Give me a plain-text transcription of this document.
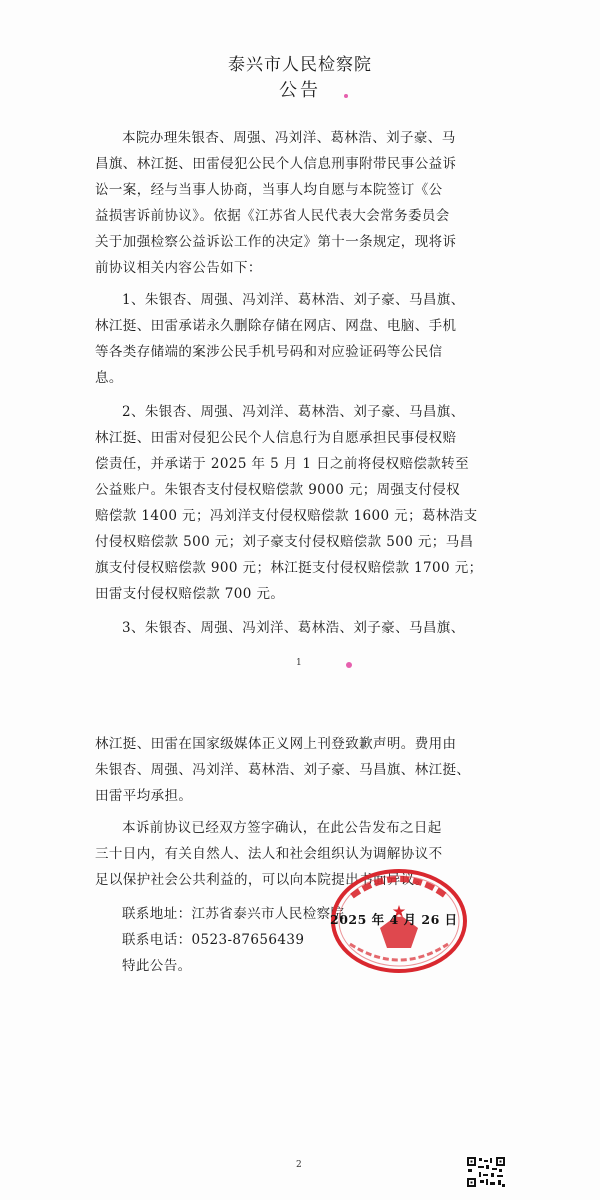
泰兴市人民检察院
公告
本院办理朱银杏、周强、冯刘洋、葛林浩、刘子豪、马
昌旗、林江挺、田雷侵犯公民个人信息刑事附带民事公益诉
讼一案，经与当事人协商，当事人均自愿与本院签订《公
益损害诉前协议》。依据《江苏省人民代表大会常务委员会
关于加强检察公益诉讼工作的决定》第十一条规定，现将诉
前协议相关内容公告如下：
1、朱银杏、周强、冯刘洋、葛林浩、刘子豪、马昌旗、
林江挺、田雷承诺永久删除存储在网店、网盘、电脑、手机
等各类存储端的案涉公民手机号码和对应验证码等公民信
息。
2、朱银杏、周强、冯刘洋、葛林浩、刘子豪、马昌旗、
林江挺、田雷对侵犯公民个人信息行为自愿承担民事侵权赔
偿责任，并承诺于 2025 年 5 月 1 日之前将侵权赔偿款转至
公益账户。朱银杏支付侵权赔偿款 9000 元；周强支付侵权
赔偿款 1400 元；冯刘洋支付侵权赔偿款 1600 元；葛林浩支
付侵权赔偿款 500 元；刘子豪支付侵权赔偿款 500 元；马昌
旗支付侵权赔偿款 900 元；林江挺支付侵权赔偿款 1700 元；
田雷支付侵权赔偿款 700 元。
3、朱银杏、周强、冯刘洋、葛林浩、刘子豪、马昌旗、
1
林江挺、田雷在国家级媒体正义网上刊登致歉声明。费用由
朱银杏、周强、冯刘洋、葛林浩、刘子豪、马昌旗、林江挺、
田雷平均承担。
本诉前协议已经双方签字确认，在此公告发布之日起
三十日内，有关自然人、法人和社会组织认为调解协议不
足以保护社会公共利益的，可以向本院提出书面异议。
联系地址：江苏省泰兴市人民检察院
联系电话：0523-87656439
特此公告。
2025 年 4 月 26 日
2
